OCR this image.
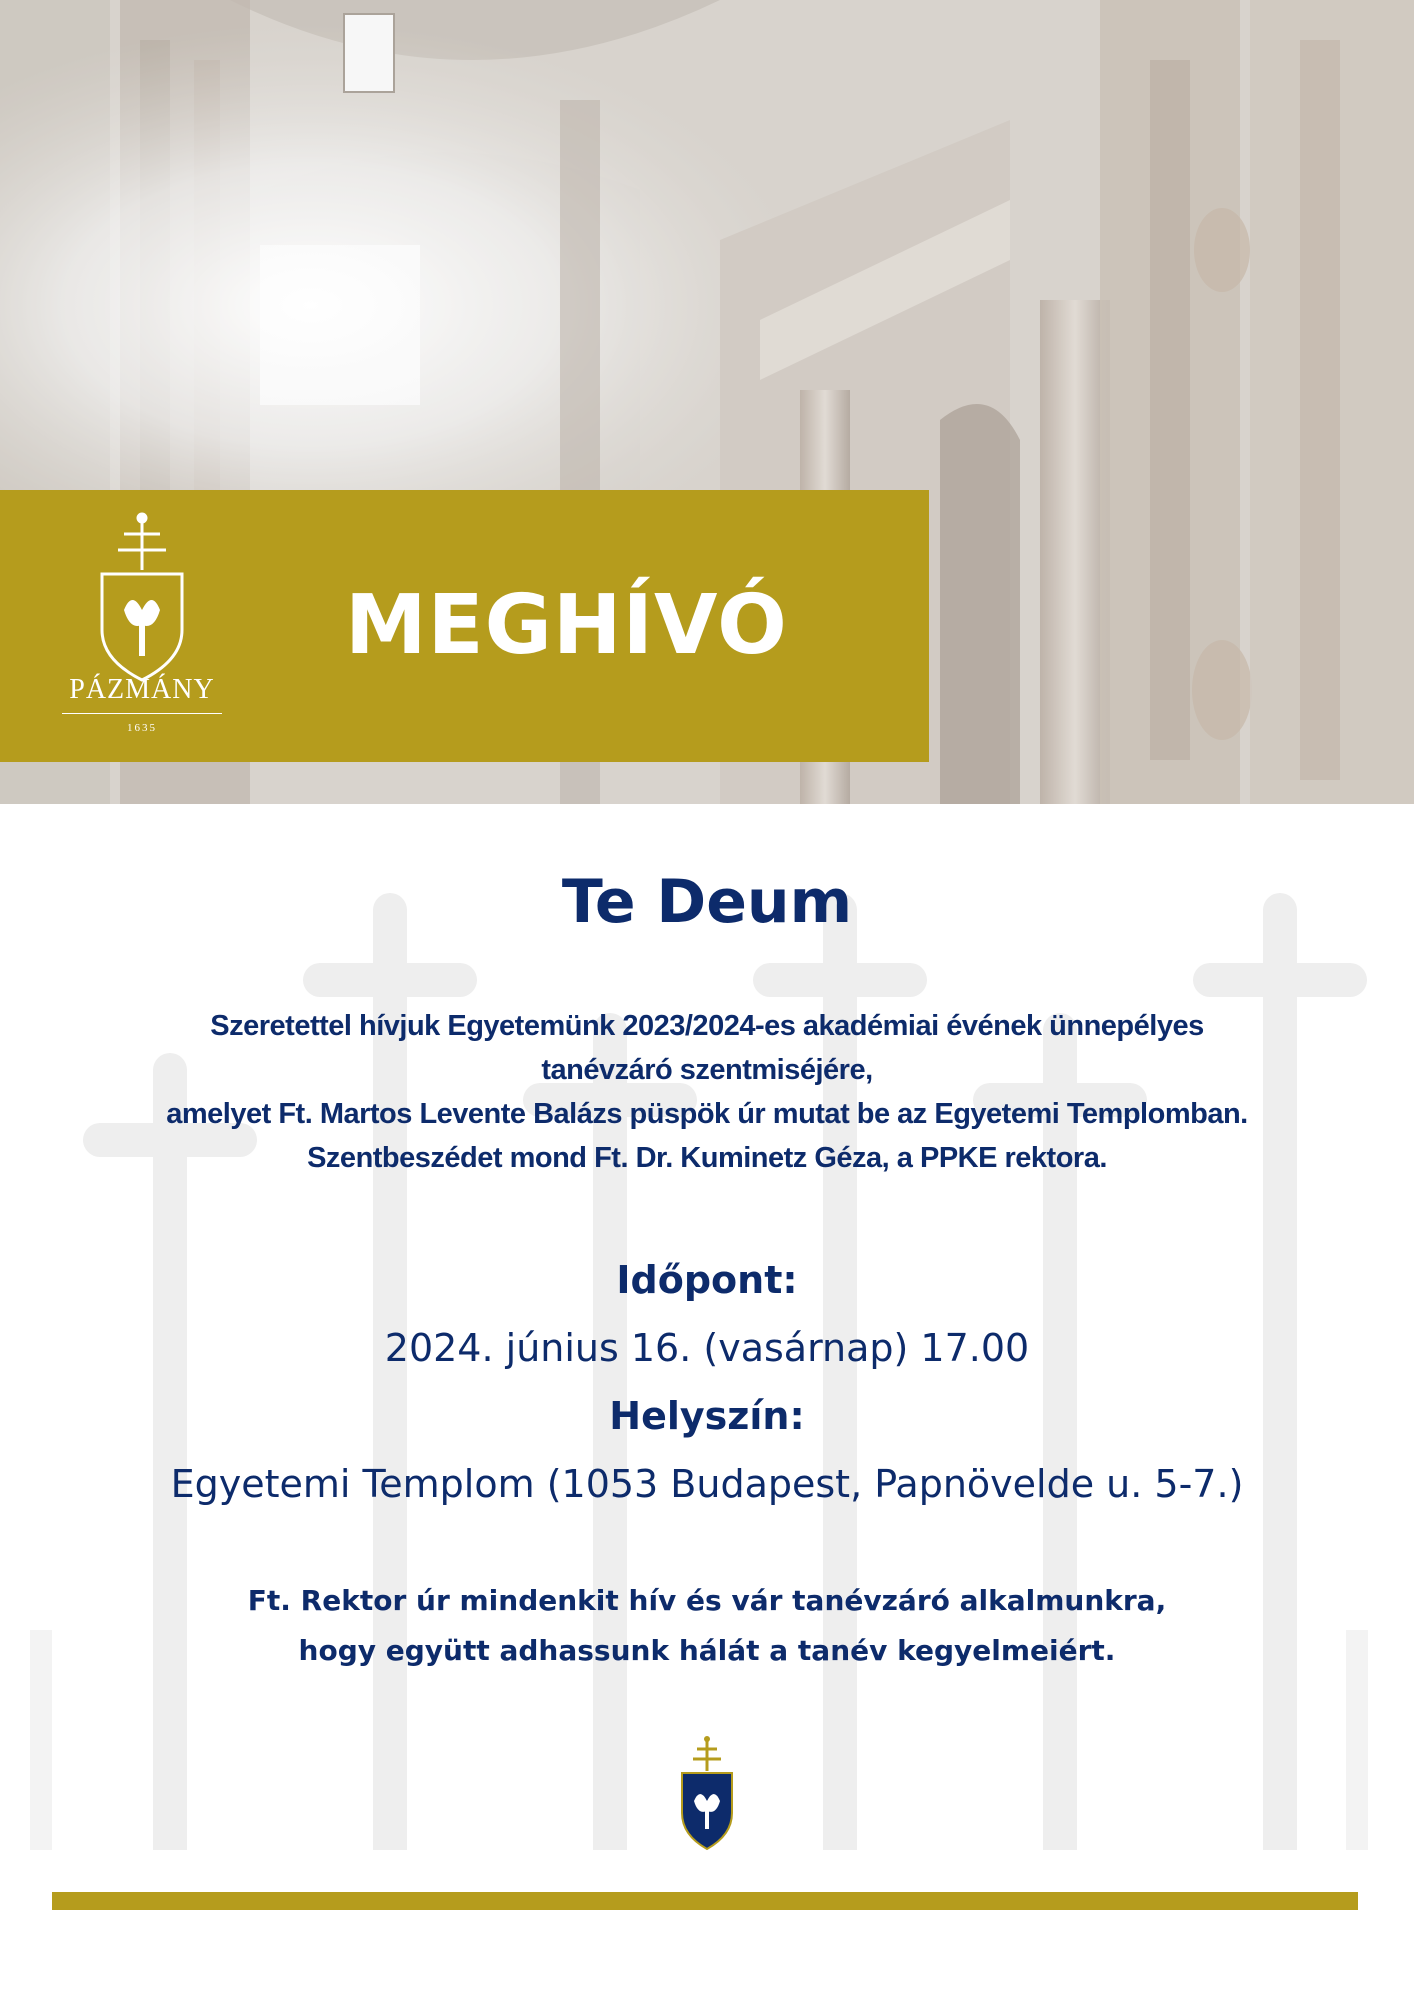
PÁZMÁNY
1635
MEGHÍVÓ
Te Deum
Szeretettel hívjuk Egyetemünk 2023/2024-es akadémiai évének ünnepélyes
tanévzáró szentmiséjére,
amelyet Ft. Martos Levente Balázs püspök úr mutat be az Egyetemi Templomban.
Szentbeszédet mond Ft. Dr. Kuminetz Géza, a PPKE rektora.
Időpont:
2024. június 16. (vasárnap) 17.00
Helyszín:
Egyetemi Templom (1053 Budapest, Papnövelde u. 5-7.)
Ft. Rektor úr mindenkit hív és vár tanévzáró alkalmunkra,
hogy együtt adhassunk hálát a tanév kegyelmeiért.
